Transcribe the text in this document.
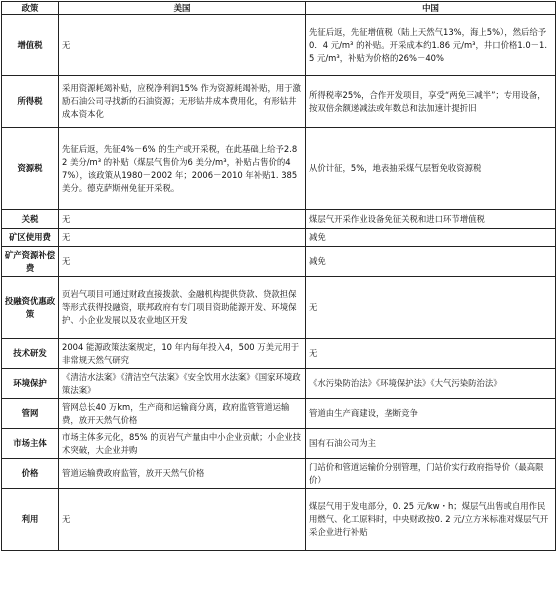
政策	美国	中国
增值税	无	先征后返，先征增值税（陆上天然气13%，海上5%），然后给予0．4 元/m³ 的补贴。开采成本约1.86 元/m³，井口价格1.0－1.5 元/m³，补贴为价格的26%－40%
所得税	采用资源耗竭补贴，应税净利润15% 作为资源耗竭补贴，用于激励石油公司寻找新的石油资源；无形钻井成本费用化，有形钻井成本资本化	所得税率25%，合作开发项目，享受“两免三减半”；专用设备，按双倍余额递减法或年数总和法加速计提折旧
资源税	先征后返，先征4%－6% 的生产或开采税，在此基础上给予2.82 美分/m³ 的补贴（煤层气售价为6 美分/m³，补贴占售价的47%），该政策从1980－2002 年；2006－2010 年补贴1. 385 美分。德克萨斯州免征开采税。	从价计征，5%，地表抽采煤气层暂免收资源税
关税	无	煤层气开采作业设备免征关税和进口环节增值税
矿区使用费	无	减免
矿产资源补偿费	无	减免
投融资优惠政策	页岩气项目可通过财政直接拨款、金融机构提供贷款、贷款担保等形式获得投融资，联邦政府有专门项目资助能源开发、环境保护、小企业发展以及农业地区开发	无
技术研发	2004 能源政策法案规定，10 年内每年投入4，500 万美元用于非常规天然气研究	无
环境保护	《清洁水法案》《清洁空气法案》《安全饮用水法案》《国家环境政策法案》	《水污染防治法》《环境保护法》《大气污染防治法》
管网	管网总长40 万km，生产商和运输商分离，政府监管管道运输费，放开天然气价格	管道由生产商建设，垄断竞争
市场主体	市场主体多元化，85% 的页岩气产量由中小企业贡献；小企业技术突破，大企业并购	国有石油公司为主
价格	管道运输费政府监管，放开天然气价格	门站价和管道运输价分别管理，门站价实行政府指导价（最高限价）
利用	无	煤层气用于发电部分，0. 25 元/kw・h；煤层气出售或自用作民用燃气、化工原料时，中央财政按0. 2 元/立方米标准对煤层气开采企业进行补贴
